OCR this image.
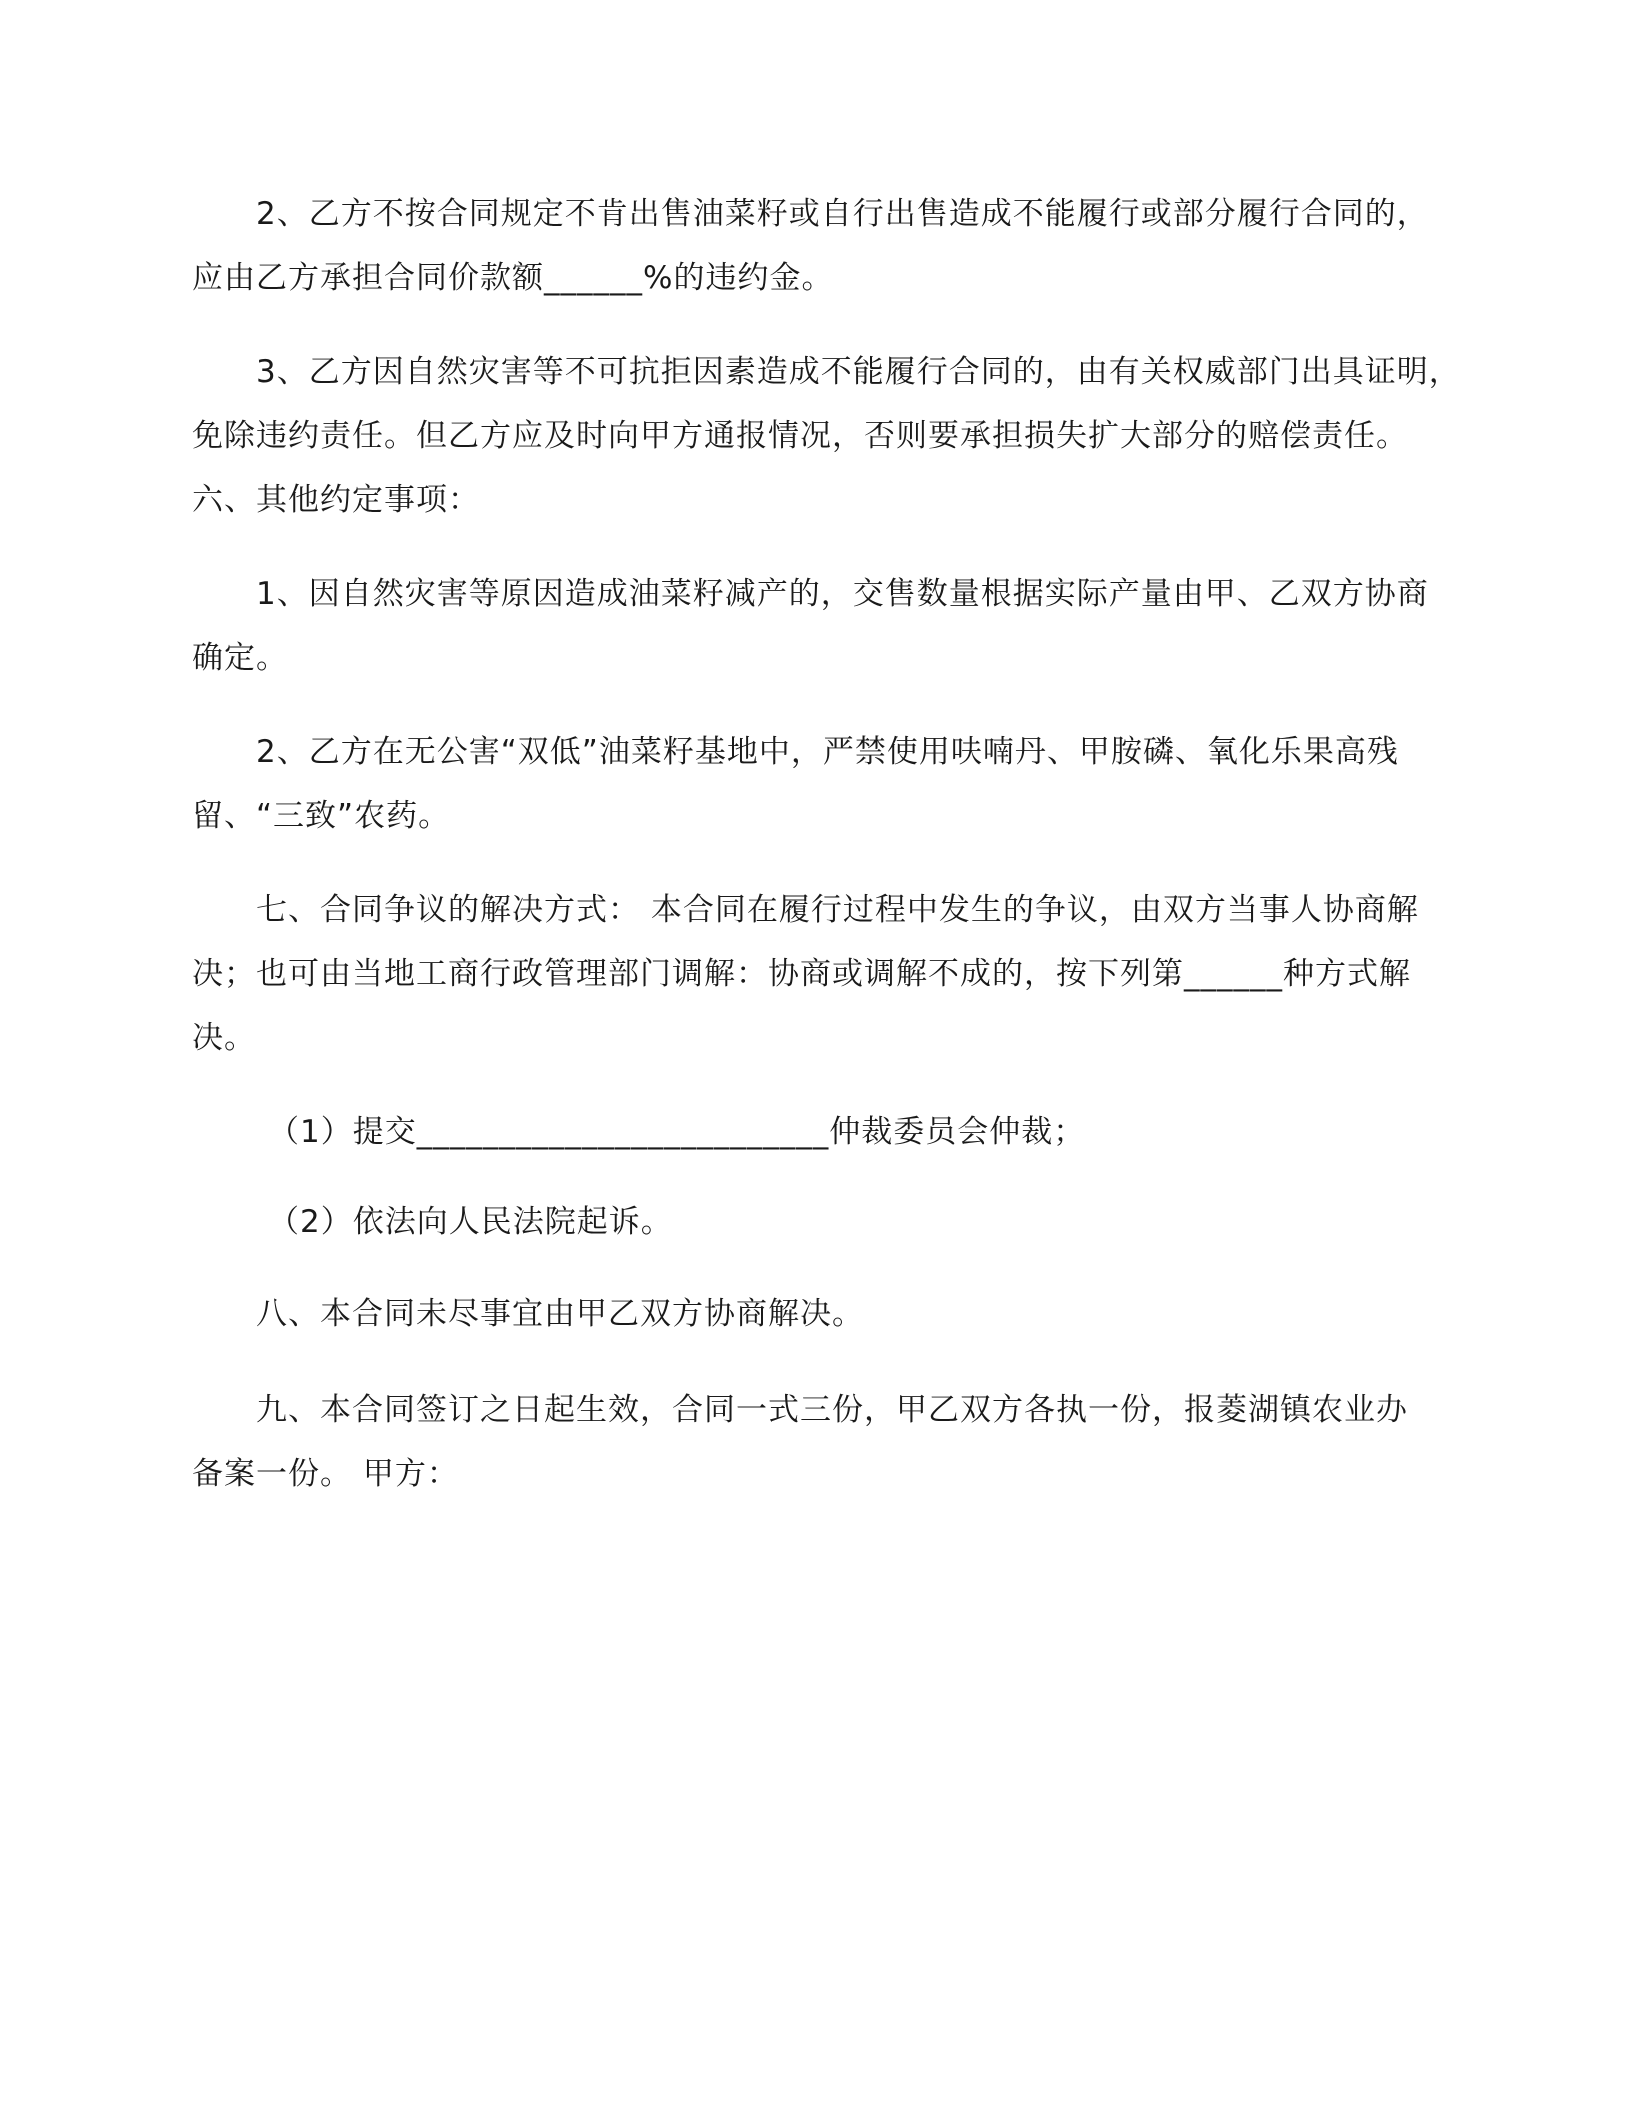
2、乙方不按合同规定不肯出售油菜籽或自行出售造成不能履行或部分履行合同的，
应由乙方承担合同价款额______%的违约金。

3、乙方因自然灾害等不可抗拒因素造成不能履行合同的，由有关权威部门出具证明，
免除违约责任。但乙方应及时向甲方通报情况，否则要承担损失扩大部分的赔偿责任。
六、其他约定事项：

1、因自然灾害等原因造成油菜籽减产的，交售数量根据实际产量由甲、乙双方协商
确定。

2、乙方在无公害“双低”油菜籽基地中，严禁使用呋喃丹、甲胺磷、氧化乐果高残
留、“三致”农药。

七、合同争议的解决方式： 本合同在履行过程中发生的争议，由双方当事人协商解
决；也可由当地工商行政管理部门调解：协商或调解不成的，按下列第______种方式解
决。

（1）提交_________________________仲裁委员会仲裁；

（2）依法向人民法院起诉。

八、本合同未尽事宜由甲乙双方协商解决。

九、本合同签订之日起生效，合同一式三份，甲乙双方各执一份，报菱湖镇农业办
备案一份。 甲方：
